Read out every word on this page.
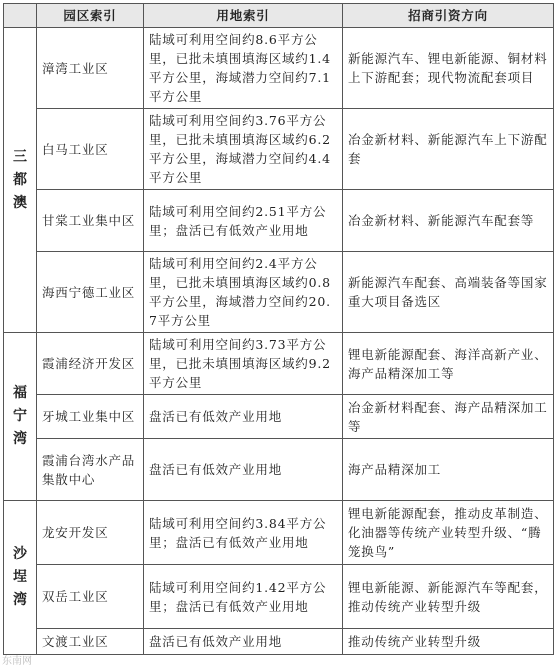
	园区索引	用地索引	招商引资方向

三都澳	漳湾工业区	陆域可利用空间约8.6平方公里，已批未填围填海区域约1.4平方公里，海域潜力空间约7.1平方公里	新能源汽车、锂电新能源、铜材料上下游配套；现代物流配套项目
	白马工业区	陆域可利用空间约3.76平方公里，已批未填围填海区域约6.2平方公里，海域潜力空间约4.4平方公里	冶金新材料、新能源汽车上下游配套
	甘棠工业集中区	陆域可利用空间约2.51平方公里；盘活已有低效产业用地	冶金新材料、新能源汽车配套等
	海西宁德工业区	陆域可利用空间约2.4平方公里，已批未填围填海区域约0.8平方公里，海域潜力空间约20.7平方公里	新能源汽车配套、高端装备等国家重大项目备选区

福宁湾	霞浦经济开发区	陆域可利用空间约3.73平方公里，已批未填围填海区域约9.2平方公里	锂电新能源配套、海洋高新产业、海产品精深加工等
	牙城工业集中区	盘活已有低效产业用地	冶金新材料配套、海产品精深加工等
	霞浦台湾水产品集散中心	盘活已有低效产业用地	海产品精深加工

沙埕湾	龙安开发区	陆域可利用空间约3.84平方公里；盘活已有低效产业用地	锂电新能源配套，推动皮革制造、化油器等传统产业转型升级、“腾笼换鸟”
	双岳工业区	陆域可利用空间约1.42平方公里；盘活已有低效产业用地	锂电新能源、新能源汽车等配套，推动传统产业转型升级
	文渡工业区	盘活已有低效产业用地	推动传统产业转型升级
东南网
